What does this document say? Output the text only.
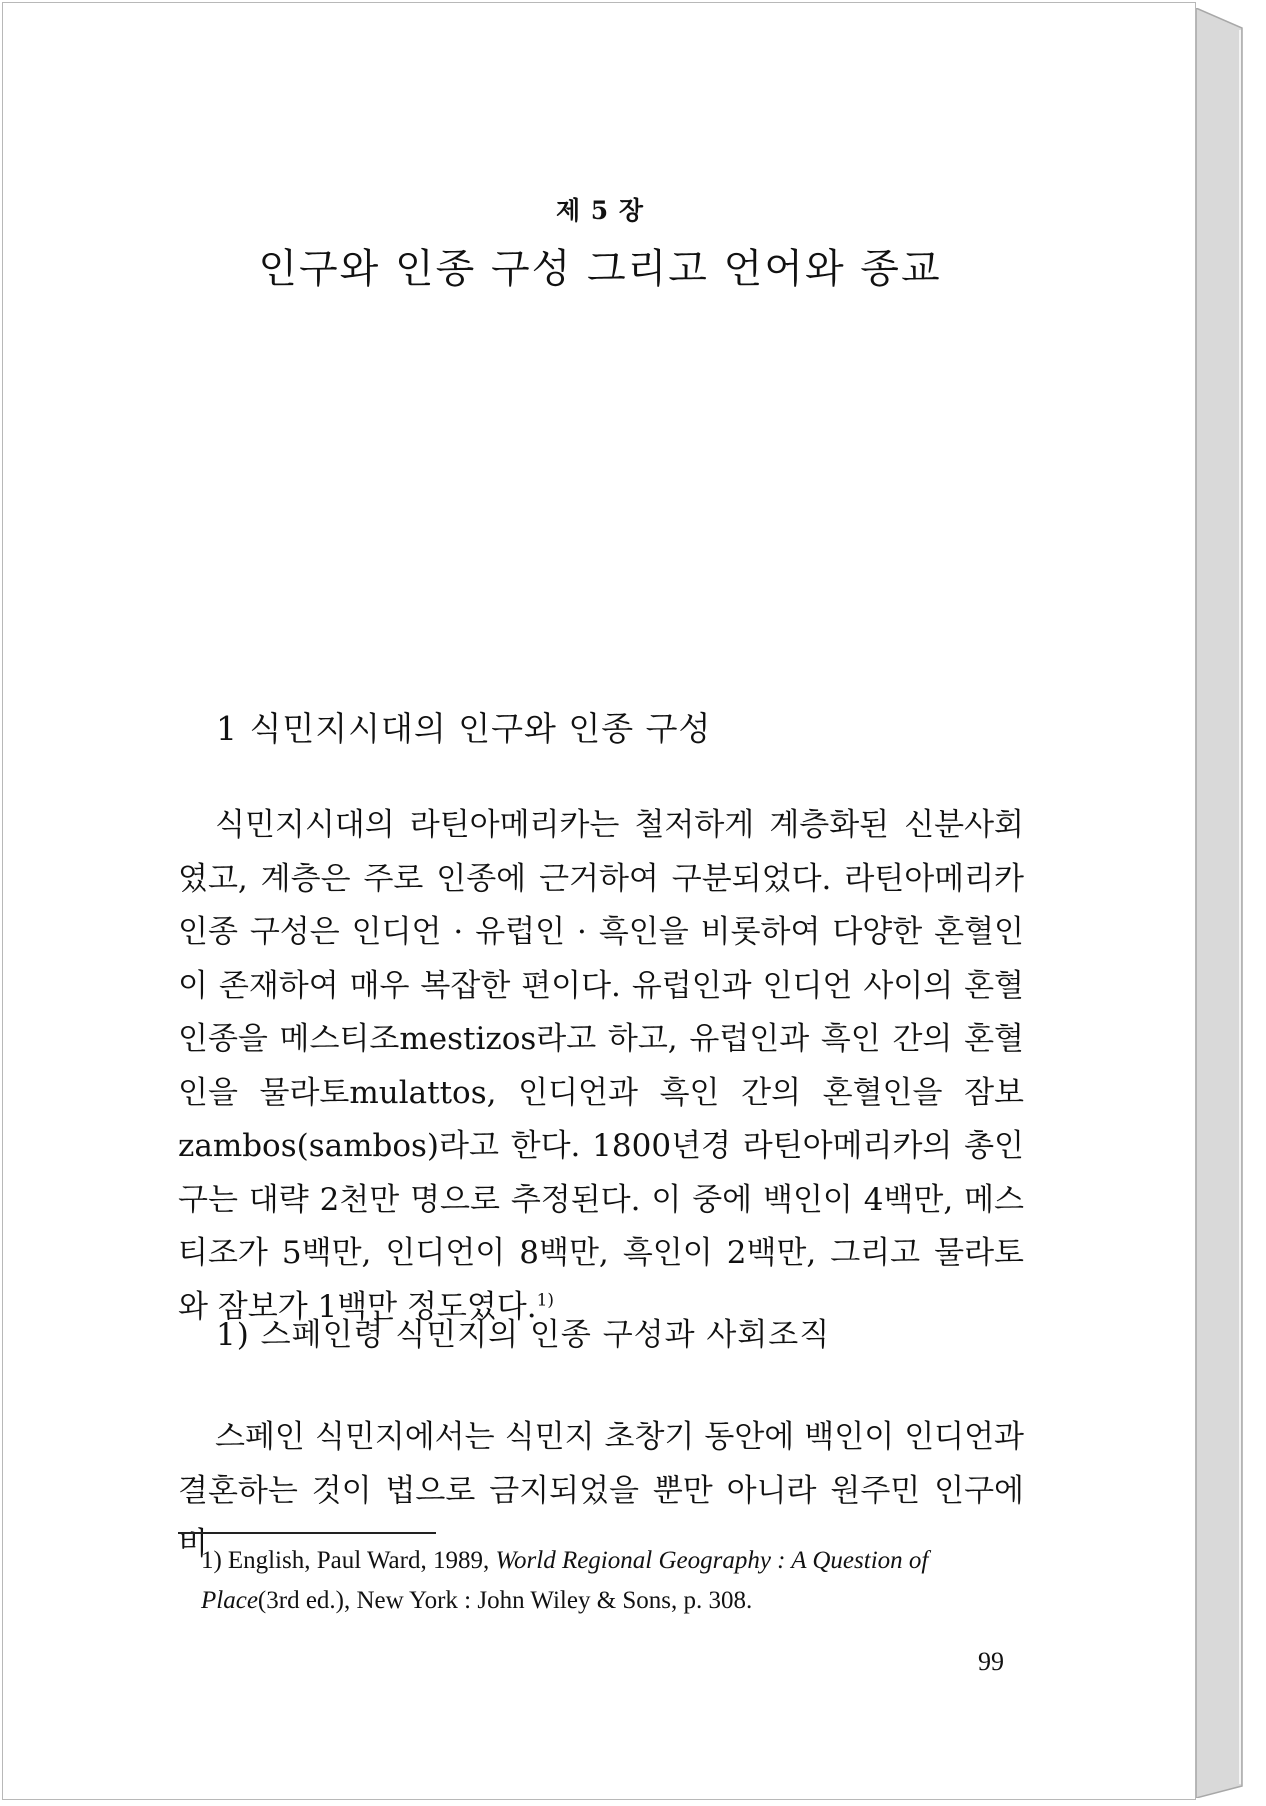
제 5 장
인구와 인종 구성 그리고 언어와 종교
1 식민지시대의 인구와 인종 구성
식민지시대의 라틴아메리카는 철저하게 계층화된 신분사회였고, 계층은 주로 인종에 근거하여 구분되었다. 라틴아메리카 인종 구성은 인디언 · 유럽인 · 흑인을 비롯하여 다양한 혼혈인이 존재하여 매우 복잡한 편이다. 유럽인과 인디언 사이의 혼혈인종을 메스티조mestizos라고 하고, 유럽인과 흑인 간의 혼혈인을 물라토mulattos, 인디언과 흑인 간의 혼혈인을 잠보zambos(sambos)라고 한다. 1800년경 라틴아메리카의 총인구는 대략 2천만 명으로 추정된다. 이 중에 백인이 4백만, 메스티조가 5백만, 인디언이 8백만, 흑인이 2백만, 그리고 물라토와 잠보가 1백만 정도였다.$^{1)}$
1) 스페인령 식민지의 인종 구성과 사회조직
스페인 식민지에서는 식민지 초창기 동안에 백인이 인디언과 결혼하는 것이 법으로 금지되었을 뿐만 아니라 원주민 인구에 비
1) English, Paul Ward, 1989, World Regional Geography : A Question of Place(3rd ed.), New York : John Wiley & Sons, p. 308.
99
